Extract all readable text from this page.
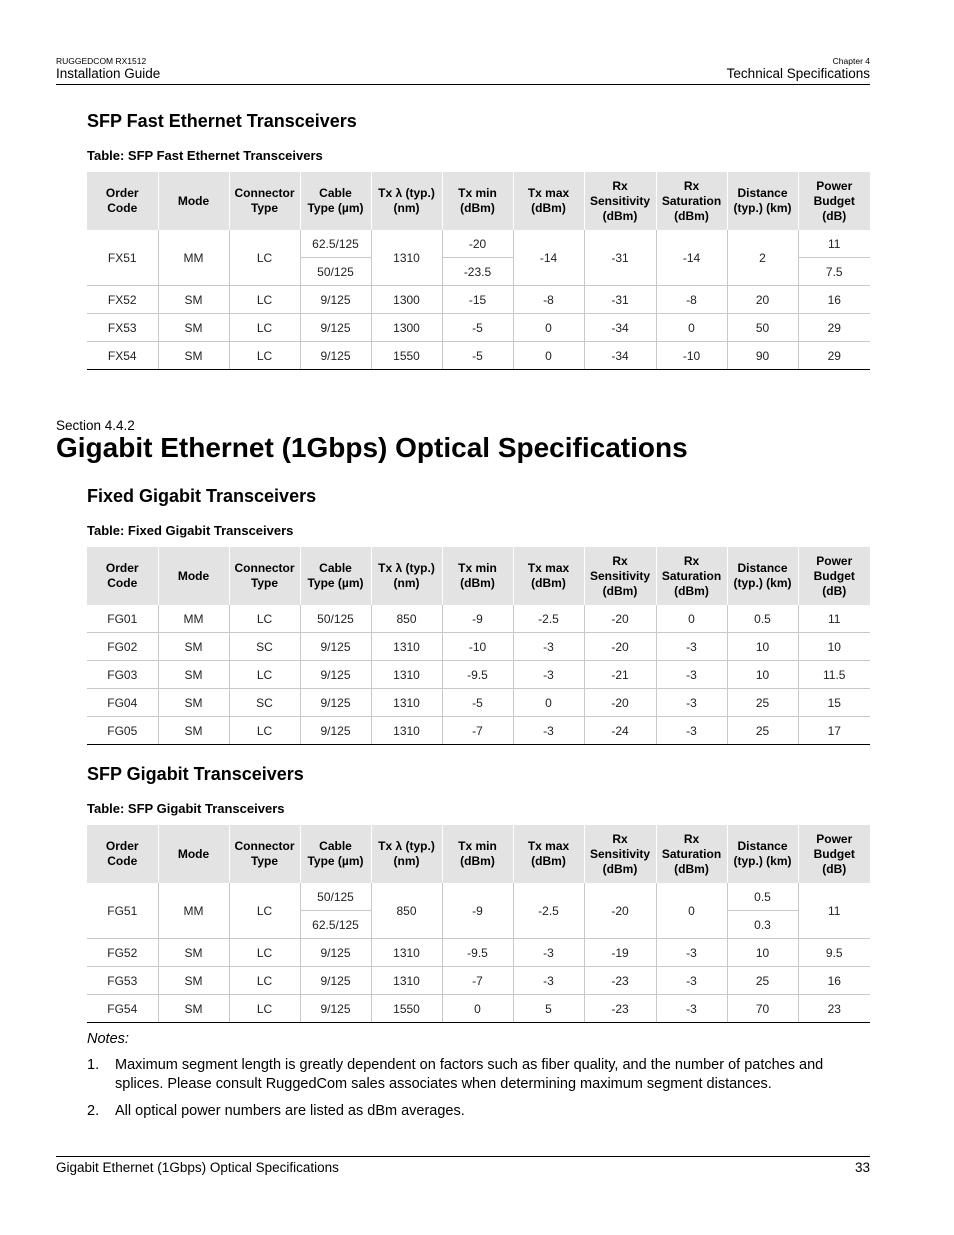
RUGGEDCOM RX1512
Installation Guide
Chapter 4
Technical Specifications
SFP Fast Ethernet Transceivers
Table: SFP Fast Ethernet Transceivers
Order Code	Mode	Connector Type	Cable Type (µm)	Tx λ (typ.) (nm)	Tx min (dBm)	Tx max (dBm)	Rx Sensitivity (dBm)	Rx Saturation (dBm)	Distance (typ.) (km)	Power Budget (dB)
FX51	MM	LC	62.5/125	1310	-20	-14	-31	-14	2	11
			50/125		-23.5					7.5
FX52	SM	LC	9/125	1300	-15	-8	-31	-8	20	16
FX53	SM	LC	9/125	1300	-5	0	-34	0	50	29
FX54	SM	LC	9/125	1550	-5	0	-34	-10	90	29
Section 4.4.2
Gigabit Ethernet (1Gbps) Optical Specifications
Fixed Gigabit Transceivers
Table: Fixed Gigabit Transceivers
Order Code	Mode	Connector Type	Cable Type (µm)	Tx λ (typ.) (nm)	Tx min (dBm)	Tx max (dBm)	Rx Sensitivity (dBm)	Rx Saturation (dBm)	Distance (typ.) (km)	Power Budget (dB)
FG01	MM	LC	50/125	850	-9	-2.5	-20	0	0.5	11
FG02	SM	SC	9/125	1310	-10	-3	-20	-3	10	10
FG03	SM	LC	9/125	1310	-9.5	-3	-21	-3	10	11.5
FG04	SM	SC	9/125	1310	-5	0	-20	-3	25	15
FG05	SM	LC	9/125	1310	-7	-3	-24	-3	25	17
SFP Gigabit Transceivers
Table: SFP Gigabit Transceivers
Order Code	Mode	Connector Type	Cable Type (µm)	Tx λ (typ.) (nm)	Tx min (dBm)	Tx max (dBm)	Rx Sensitivity (dBm)	Rx Saturation (dBm)	Distance (typ.) (km)	Power Budget (dB)
FG51	MM	LC	50/125	850	-9	-2.5	-20	0	0.5	11
			62.5/125						0.3	
FG52	SM	LC	9/125	1310	-9.5	-3	-19	-3	10	9.5
FG53	SM	LC	9/125	1310	-7	-3	-23	-3	25	16
FG54	SM	LC	9/125	1550	0	5	-23	-3	70	23
Notes:
1. Maximum segment length is greatly dependent on factors such as fiber quality, and the number of patches and splices. Please consult RuggedCom sales associates when determining maximum segment distances.
2. All optical power numbers are listed as dBm averages.
Gigabit Ethernet (1Gbps) Optical Specifications	33
